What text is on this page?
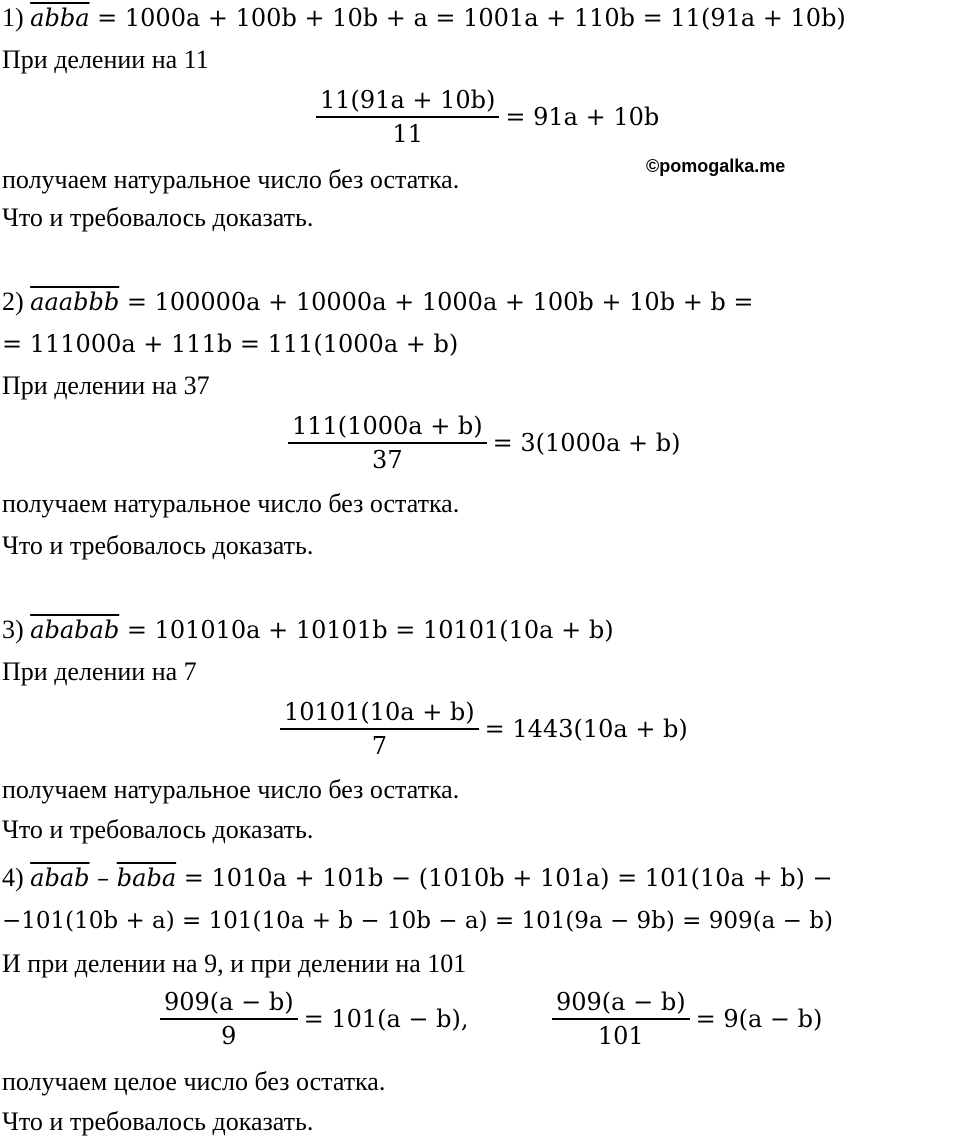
©pomogalka.me
1) abba = 1000a + 100b + 10b + a = 1001a + 110b = 11(91a + 10b)
При делении на 11
$\frac{11(91a + 10b)}{11} = 91a + 10b$
получаем натуральное число без остатка.
Что и требовалось доказать.
2) aaabbb = 100000a + 10000a + 1000a + 100b + 10b + b =
= 111000a + 111b = 111(1000a + b)
При делении на 37
$\frac{111(1000a + b)}{37} = 3(1000a + b)$
получаем натуральное число без остатка.
Что и требовалось доказать.
3) ababab = 101010a + 10101b = 10101(10a + b)
При делении на 7
$\frac{10101(10a + b)}{7} = 1443(10a + b)$
получаем натуральное число без остатка.
Что и требовалось доказать.
4) abab – baba = 1010a + 101b − (1010b + 101a) = 101(10a + b) −
−101(10b + a) = 101(10a + b − 10b − a) = 101(9a − 9b) = 909(a − b)
И при делении на 9, и при делении на 101
$\frac{909(a - b)}{9} = 101(a - b)$,	$\frac{909(a - b)}{101} = 9(a - b)$
получаем целое число без остатка.
Что и требовалось доказать.
